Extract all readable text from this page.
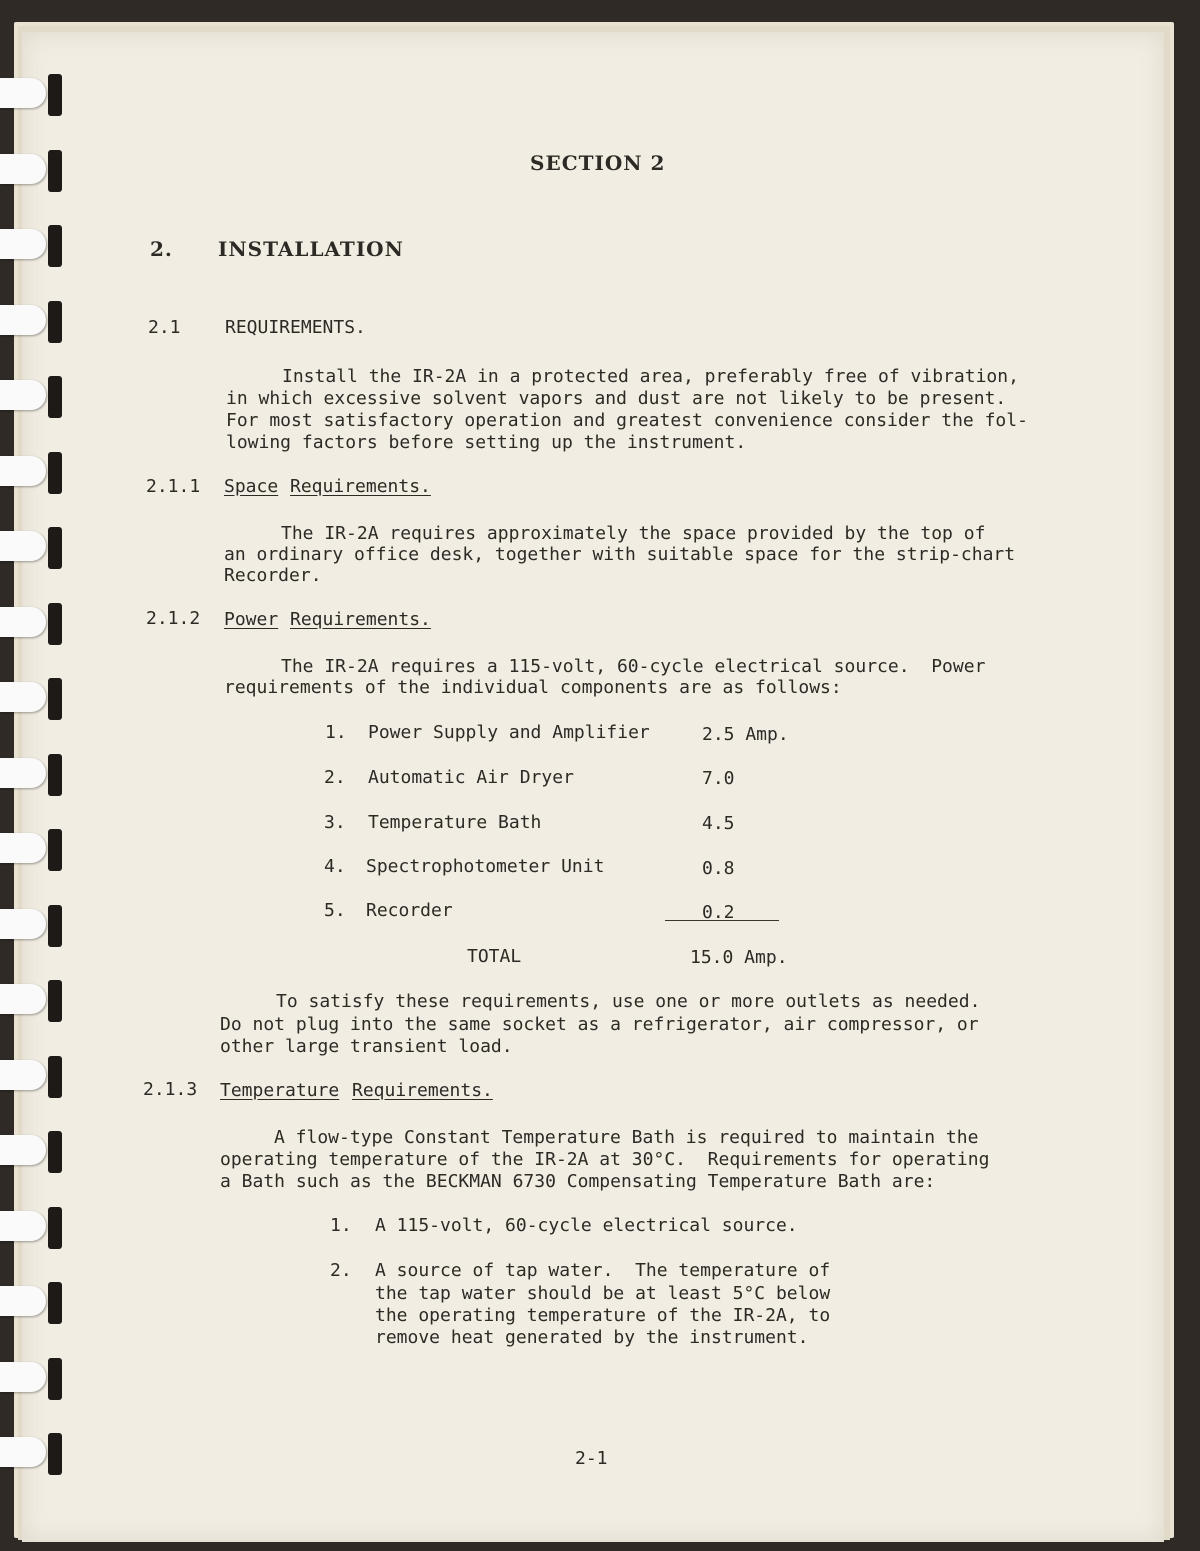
SECTION 2
2. INSTALLATION
2.1 REQUIREMENTS.
Install the IR-2A in a protected area, preferably free of vibration,
in which excessive solvent vapors and dust are not likely to be present.
For most satisfactory operation and greatest convenience consider the fol-
lowing factors before setting up the instrument.
2.1.1 Space Requirements.
The IR-2A requires approximately the space provided by the top of
an ordinary office desk, together with suitable space for the strip-chart
Recorder.
2.1.2 Power Requirements.
The IR-2A requires a 115-volt, 60-cycle electrical source.  Power
requirements of the individual components are as follows:
1. Power Supply and Amplifier	2.5 Amp.
2. Automatic Air Dryer	7.0
3. Temperature Bath	4.5
4. Spectrophotometer Unit	0.8
5. Recorder	0.2
TOTAL	15.0 Amp.
To satisfy these requirements, use one or more outlets as needed.
Do not plug into the same socket as a refrigerator, air compressor, or
other large transient load.
2.1.3 Temperature Requirements.
A flow-type Constant Temperature Bath is required to maintain the
operating temperature of the IR-2A at 30°C.  Requirements for operating
a Bath such as the BECKMAN 6730 Compensating Temperature Bath are:
1. A 115-volt, 60-cycle electrical source.
2. A source of tap water.  The temperature of
the tap water should be at least 5°C below
the operating temperature of the IR-2A, to
remove heat generated by the instrument.
2-1
